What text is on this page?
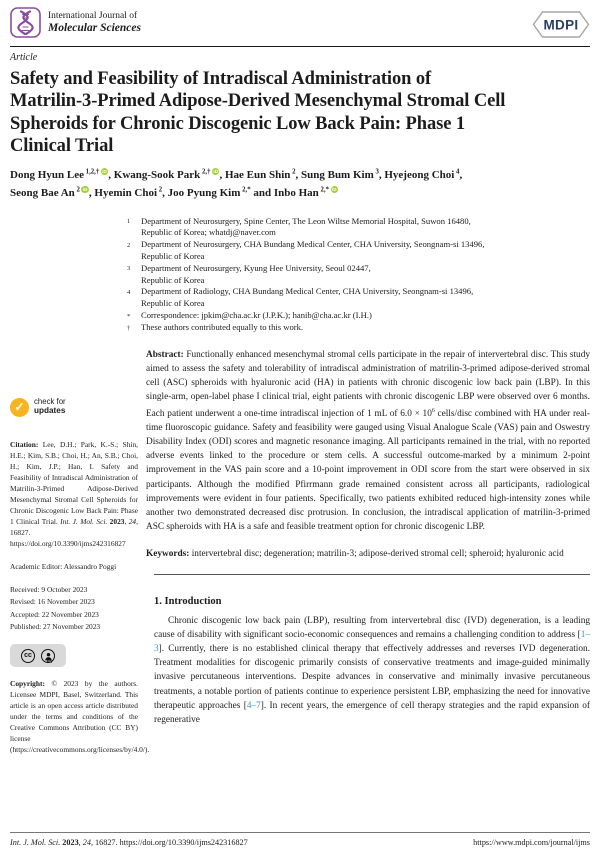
International Journal of
Molecular Sciences	MDPI
Article
Safety and Feasibility of Intradiscal Administration of
Matrilin-3-Primed Adipose-Derived Mesenchymal Stromal Cell
Spheroids for Chronic Discogenic Low Back Pain: Phase 1
Clinical Trial
Dong Hyun Lee $^{1,2,\dagger}$ iD, Kwang-Sook Park $^{2,\dagger}$ iD, Hae Eun Shin $^2$, Sung Bum Kim $^3$, Hyejeong Choi $^4$,
Seong Bae An $^2$ iD, Hyemin Choi $^2$, Joo Pyung Kim $^{2,*}$ and Inbo Han $^{2,*}$ iD
1	Department of Neurosurgery, Spine Center, The Leon Wiltse Memorial Hospital, Suwon 16480,
Republic of Korea; whatdj@naver.com
2	Department of Neurosurgery, CHA Bundang Medical Center, CHA University, Seongnam-si 13496,
Republic of Korea
3	Department of Neurosurgery, Kyung Hee University, Seoul 02447,
Republic of Korea
4	Department of Radiology, CHA Bundang Medical Center, CHA University, Seongnam-si 13496,
Republic of Korea
*	Correspondence: jpkim@cha.ac.kr (J.P.K.); hanib@cha.ac.kr (I.H.)
†	These authors contributed equally to this work.
✓	check for
updates
Citation: Lee, D.H.; Park, K.-S.; Shin, H.E.; Kim, S.B.; Choi, H.; An, S.B.; Choi, H.; Kim, J.P.; Han, I. Safety and Feasibility of Intradiscal Administration of Matrilin-3-Primed Adipose-Derived Mesenchymal Stromal Cell Spheroids for Chronic Discogenic Low Back Pain: Phase 1 Clinical Trial. Int. J. Mol. Sci. 2023, 24, 16827. https://doi.org/10.3390/ijms242316827
Academic Editor: Alessandro Poggi
Received: 9 October 2023
Revised: 16 November 2023
Accepted: 22 November 2023
Published: 27 November 2023
cc
BY
Copyright: © 2023 by the authors. Licensee MDPI, Basel, Switzerland. This article is an open access article distributed under the terms and conditions of the Creative Commons Attribution (CC BY) license (https://creativecommons.org/licenses/by/4.0/).

Abstract: Functionally enhanced mesenchymal stromal cells participate in the repair of intervertebral disc. This study aimed to assess the safety and tolerability of intradiscal administration of matrilin-3-primed adipose-derived stromal cell (ASC) spheroids with hyaluronic acid (HA) in patients with chronic discogenic low back pain (LBP). In this single-arm, open-label phase I clinical trial, eight patients with chronic discogenic LBP were observed over 6 months. Each patient underwent a one-time intradiscal injection of 1 mL of $6.0 \times 10^6$ cells/disc combined with HA under real-time fluoroscopic guidance. Safety and feasibility were gauged using Visual Analogue Scale (VAS) pain and Oswestry Disability Index (ODI) scores and magnetic resonance imaging. All participants remained in the trial, with no reported adverse events linked to the procedure or stem cells. A successful outcome-marked by a minimum 2-point improvement in the VAS pain score and a 10-point improvement in ODI score from the start were observed in six participants. Although the modified Pfirrmann grade remained consistent across all participants, radiological improvements were evident in four patients. Specifically, two patients exhibited reduced high-intensity zones while another two demonstrated decreased disc protrusion. In conclusion, the intradiscal application of matrilin-3-primed ASC spheroids with HA is a safe and feasible treatment option for chronic discogenic LBP.

Keywords: intervertebral disc; degeneration; matrilin-3; adipose-derived stromal cell; spheroid; hyaluronic acid

1. Introduction

Chronic discogenic low back pain (LBP), resulting from intervertebral disc (IVD) degeneration, is a leading cause of disability with significant socio-economic consequences and remains a challenging condition to address [1–3]. Currently, there is no established clinical therapy that effectively addresses and reverses IVD degeneration. Treatment modalities for discogenic primarily consists of conservative treatments and image-guided minimally invasive percutaneous interventions. Despite advances in conservative and minimally invasive percutaneous treatments, a notable portion of patients continue to experience persistent LBP, emphasizing the need for innovative therapeutic approaches [4–7]. In recent years, the emergence of cell therapy strategies and the rapid expansion of regenerative

Int. J. Mol. Sci. 2023, 24, 16827. https://doi.org/10.3390/ijms242316827	https://www.mdpi.com/journal/ijms
